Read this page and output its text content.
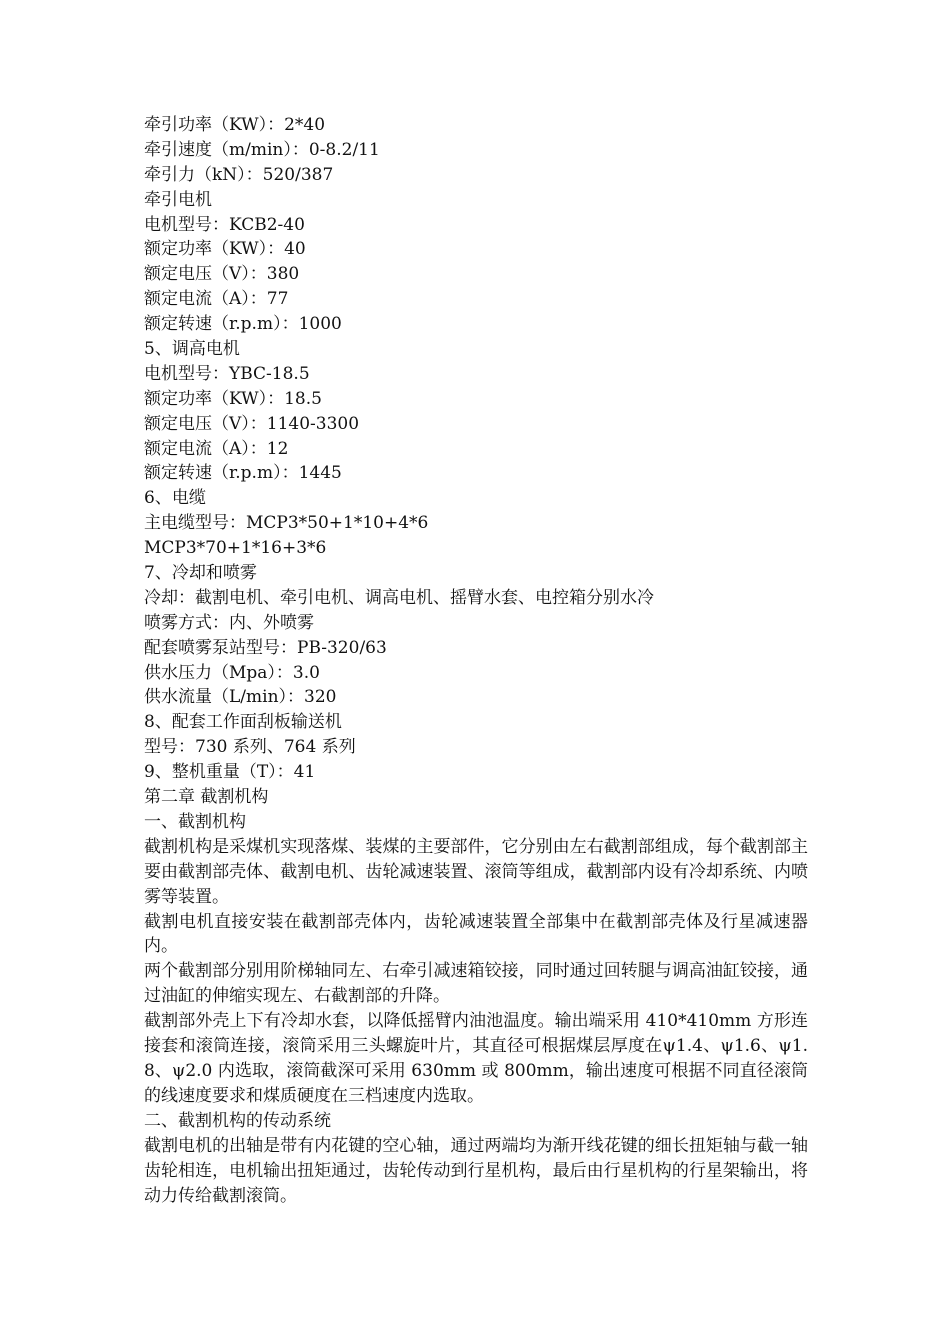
牵引功率（KW）：2*40
牵引速度（m/min）：0-8.2/11
牵引力（kN）：520/387
牵引电机
电机型号：KCB2-40
额定功率（KW）：40
额定电压（V）：380
额定电流（A）：77
额定转速（r.p.m）：1000
5、调高电机
电机型号：YBC-18.5
额定功率（KW）：18.5
额定电压（V）：1140-3300
额定电流（A）：12
额定转速（r.p.m）：1445
6、电缆
主电缆型号：MCP3*50+1*10+4*6
MCP3*70+1*16+3*6
7、冷却和喷雾
冷却：截割电机、牵引电机、调高电机、摇臂水套、电控箱分别水冷
喷雾方式：内、外喷雾
配套喷雾泵站型号：PB-320/63
供水压力（Mpa）：3.0
供水流量（L/min）：320
8、配套工作面刮板输送机
型号：730 系列、764 系列
9、整机重量（T）：41
第二章 截割机构
一、截割机构
截割机构是采煤机实现落煤、装煤的主要部件，它分别由左右截割部组成，每个截割部主要由截割部壳体、截割电机、齿轮减速装置、滚筒等组成，截割部内设有冷却系统、内喷雾等装置。
截割电机直接安装在截割部壳体内，齿轮减速装置全部集中在截割部壳体及行星减速器内。
两个截割部分别用阶梯轴同左、右牵引减速箱铰接，同时通过回转腿与调高油缸铰接，通过油缸的伸缩实现左、右截割部的升降。
截割部外壳上下有冷却水套，以降低摇臂内油池温度。输出端采用 410*410mm 方形连接套和滚筒连接，滚筒采用三头螺旋叶片，其直径可根据煤层厚度在ψ1.4、ψ1.6、ψ1.8、ψ2.0 内选取，滚筒截深可采用 630mm 或 800mm，输出速度可根据不同直径滚筒的线速度要求和煤质硬度在三档速度内选取。
二、截割机构的传动系统
截割电机的出轴是带有内花键的空心轴，通过两端均为渐开线花键的细长扭矩轴与截一轴齿轮相连，电机输出扭矩通过，齿轮传动到行星机构，最后由行星机构的行星架输出，将动力传给截割滚筒。
